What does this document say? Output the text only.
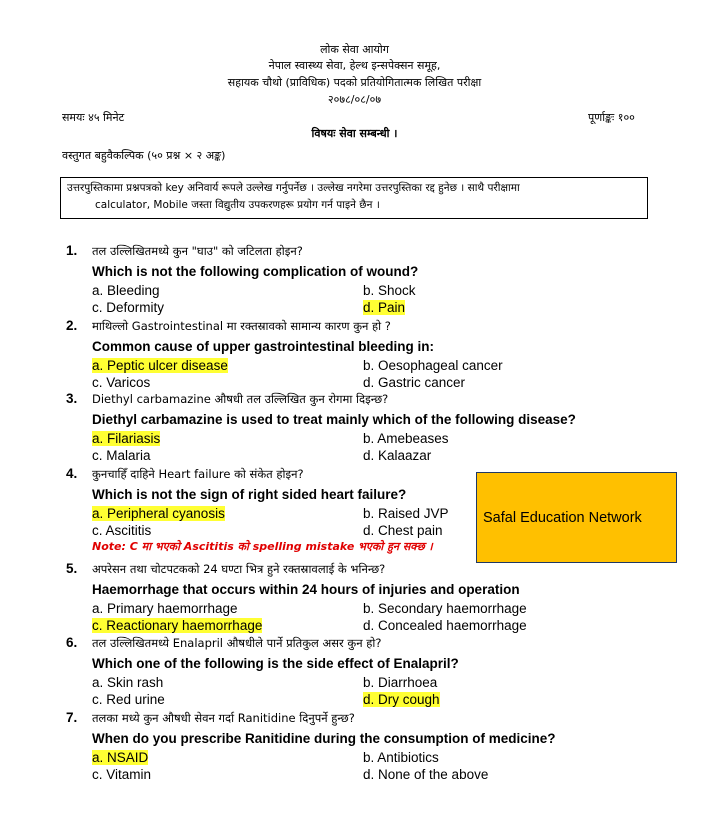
लोक सेवा आयोग
नेपाल स्वास्थ्य सेवा, हेल्थ इन्सपेक्सन समूह,
सहायक चौथो (प्राविधिक) पदको प्रतियोगितात्मक लिखित परीक्षा
२०७८/०८/०७
समयः ४५ मिनेट	पूर्णाङ्कः १००
विषयः सेवा सम्बन्धी ।
वस्तुगत बहुवैकल्पिक (५० प्रश्न × २ अङ्क)
उत्तरपुस्तिकामा प्रश्नपत्रको key अनिवार्य रूपले उल्लेख गर्नुपर्नेछ । उल्लेख नगरेमा उत्तरपुस्तिका रद्द हुनेछ । साथै परीक्षामा
calculator, Mobile जस्ता विद्युतीय उपकरणहरू प्रयोग गर्न पाइने छैन ।
1. तल उल्लिखितमध्ये कुन "घाउ" को जटिलता होइन?
Which is not the following complication of wound?
a. Bleeding	b. Shock
c. Deformity	d. Pain
2. माथिल्लो Gastrointestinal मा रक्तस्रावको सामान्य कारण कुन हो ?
Common cause of upper gastrointestinal bleeding in:
a. Peptic ulcer disease	b. Oesophageal cancer
c. Varicos	d. Gastric cancer
3. Diethyl carbamazine औषधी तल उल्लिखित कुन रोगमा दिइन्छ?
Diethyl carbamazine is used to treat mainly which of the following disease?
a. Filariasis	b. Amebeases
c. Malaria	d. Kalaazar
4. कुनचाहिँ दाहिने Heart failure को संकेत होइन?
Which is not the sign of right sided heart failure?
a. Peripheral cyanosis	b. Raised JVP
c. Ascititis	d. Chest pain
5. अपरेसन तथा चोटपटकको 24 घण्टा भित्र हुने रक्तस्रावलाई के भनिन्छ?
Haemorrhage that occurs within 24 hours of injuries and operation
a. Primary haemorrhage	b. Secondary haemorrhage
c. Reactionary haemorrhage	d. Concealed haemorrhage
6. तल उल्लिखितमध्ये Enalapril औषधीले पार्ने प्रतिकुल असर कुन हो?
Which one of the following is the side effect of Enalapril?
a. Skin rash	b. Diarrhoea
c. Red urine	d. Dry cough
7. तलका मध्ये कुन औषधी सेवन गर्दा Ranitidine दिनुपर्ने हुन्छ?
When do you prescribe Ranitidine during the consumption of medicine?
a. NSAID	b. Antibiotics
c. Vitamin	d. None of the above
Note: C मा भएको Ascititis को spelling mistake भएको हुन सक्छ ।
Safal Education Network
